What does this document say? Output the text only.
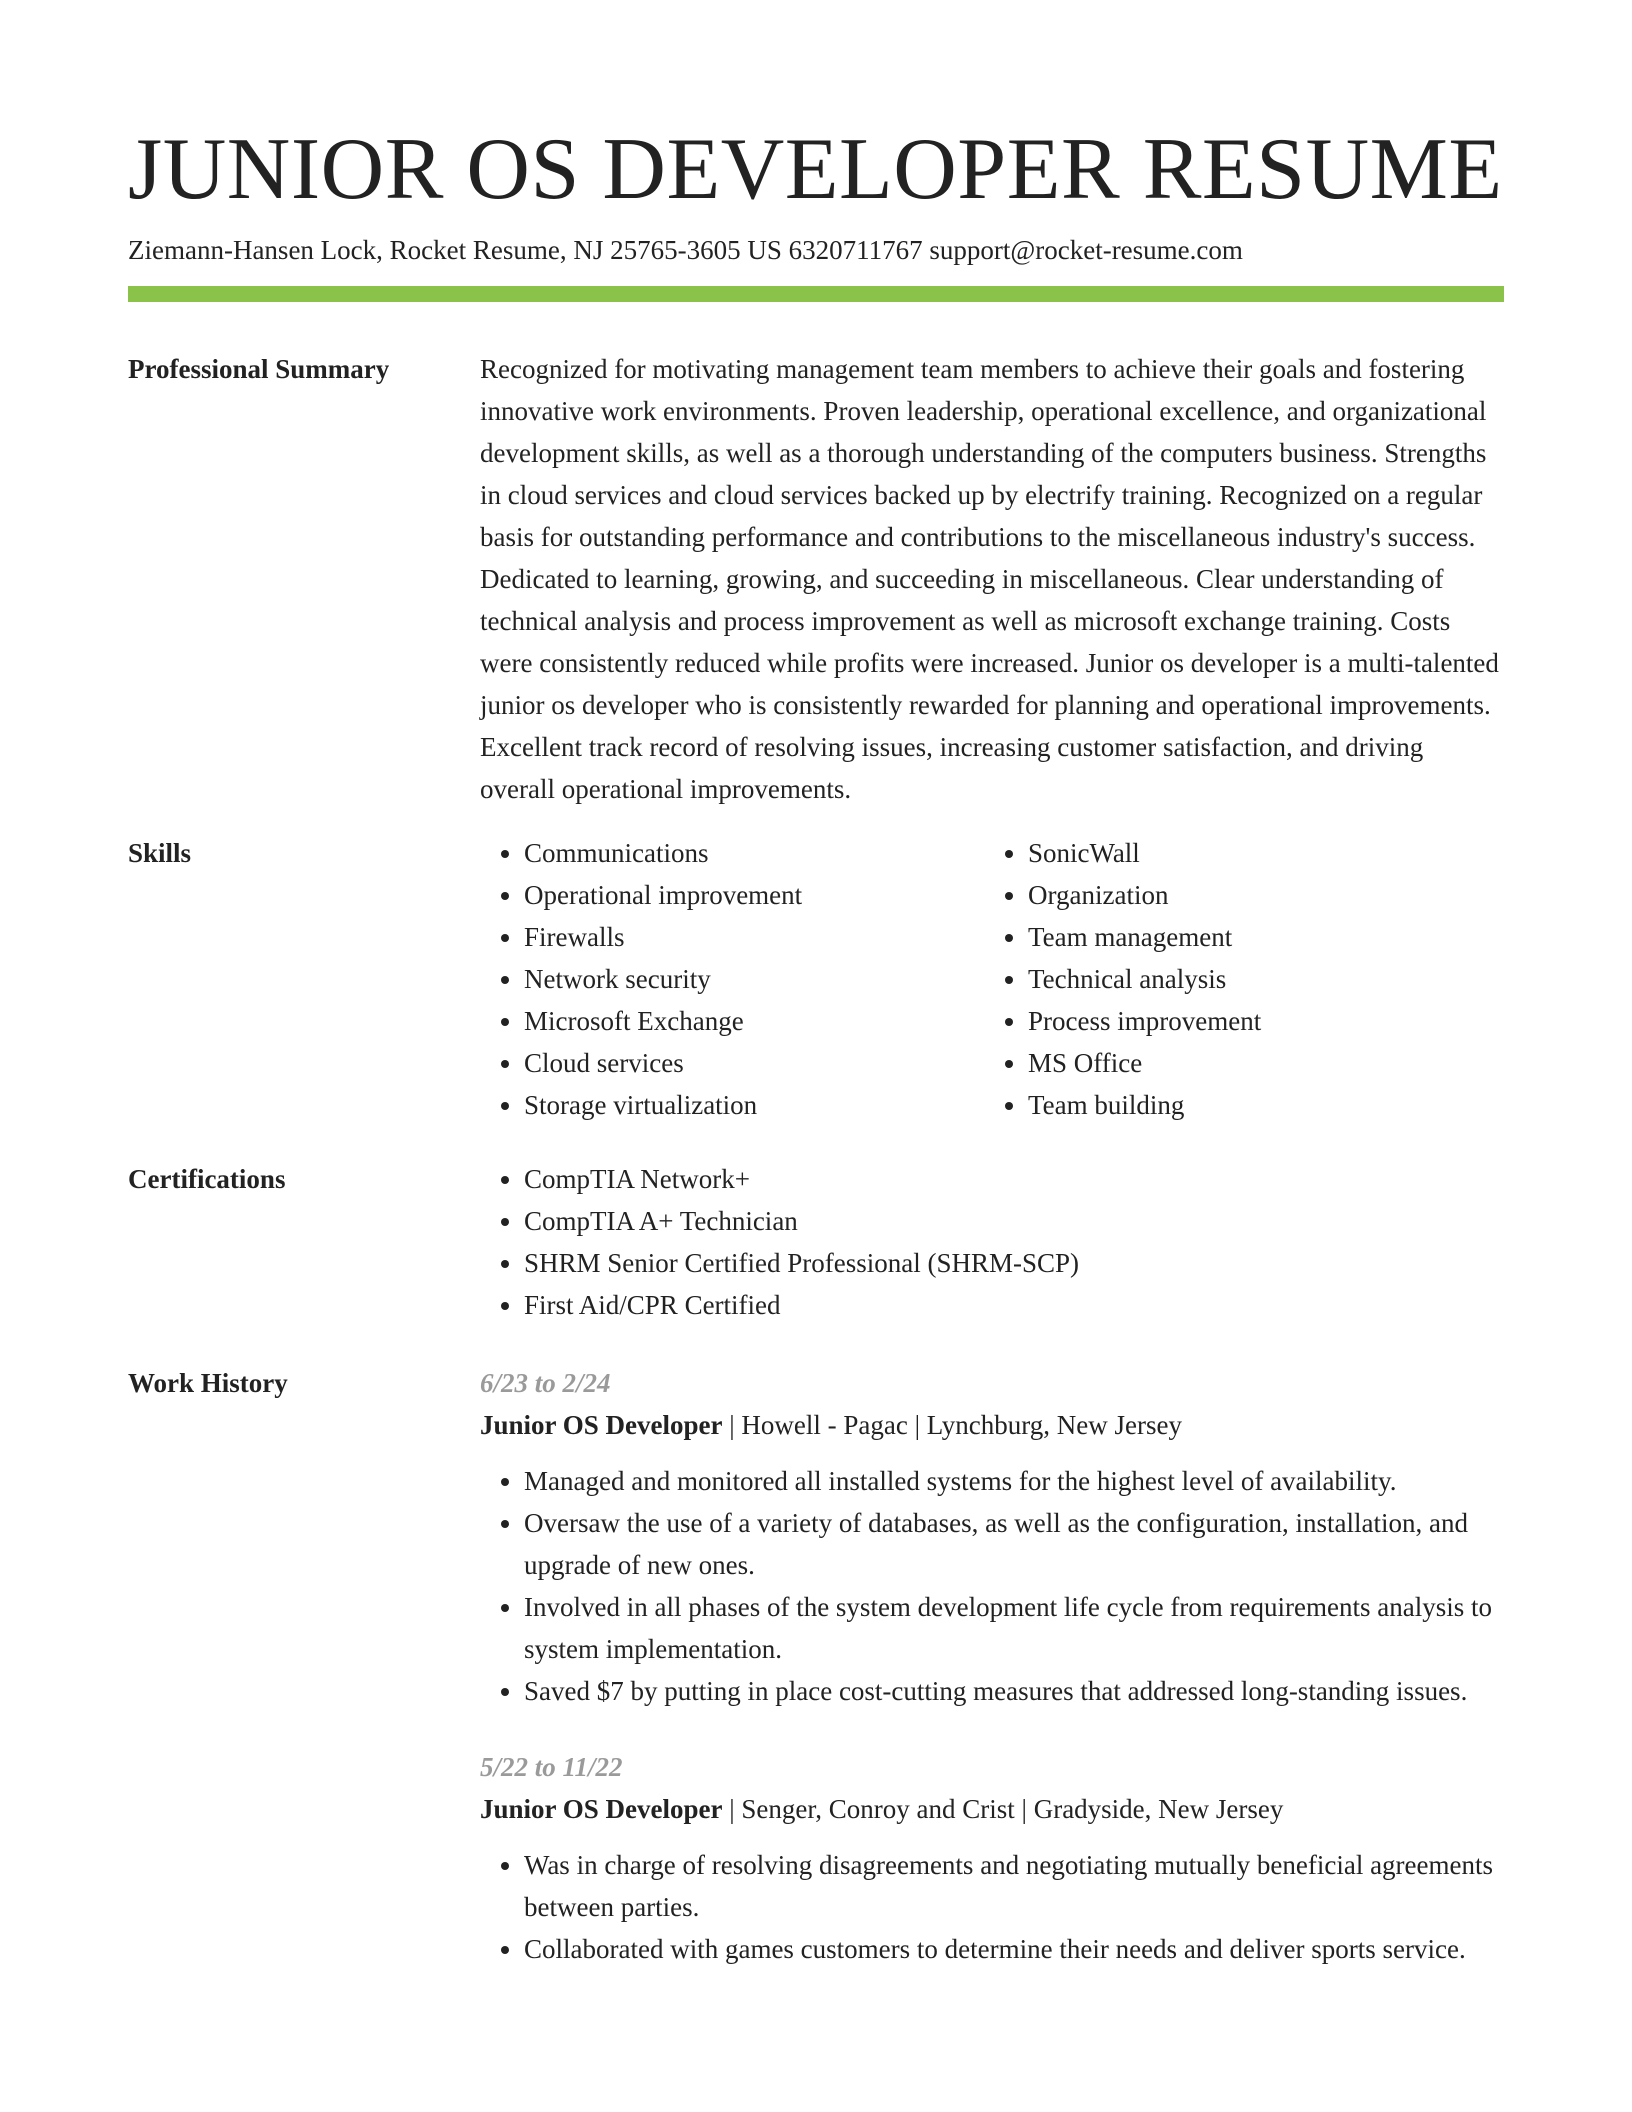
JUNIOR OS DEVELOPER RESUME
Ziemann-Hansen Lock, Rocket Resume, NJ 25765-3605 US 6320711767 support@rocket-resume.com
Professional Summary	Recognized for motivating management team members to achieve their goals and fostering innovative work environments. Proven leadership, operational excellence, and organizational development skills, as well as a thorough understanding of the computers business. Strengths in cloud services and cloud services backed up by electrify training. Recognized on a regular basis for outstanding performance and contributions to the miscellaneous industry's success. Dedicated to learning, growing, and succeeding in miscellaneous. Clear understanding of technical analysis and process improvement as well as microsoft exchange training. Costs were consistently reduced while profits were increased. Junior os developer is a multi-talented junior os developer who is consistently rewarded for planning and operational improvements. Excellent track record of resolving issues, increasing customer satisfaction, and driving overall operational improvements.

Skills	• Communications
• Operational improvement
• Firewalls
• Network security
• Microsoft Exchange
• Cloud services
• Storage virtualization
• SonicWall
• Organization
• Team management
• Technical analysis
• Process improvement
• MS Office
• Team building
Certifications	• CompTIA Network+
• CompTIA A+ Technician
• SHRM Senior Certified Professional (SHRM-SCP)
• First Aid/CPR Certified
Work History	6/23 to 2/24
Junior OS Developer | Howell - Pagac | Lynchburg, New Jersey
• Managed and monitored all installed systems for the highest level of availability.
• Oversaw the use of a variety of databases, as well as the configuration, installation, and upgrade of new ones.
• Involved in all phases of the system development life cycle from requirements analysis to system implementation.
• Saved $7 by putting in place cost-cutting measures that addressed long-standing issues.
5/22 to 11/22
Junior OS Developer | Senger, Conroy and Crist | Gradyside, New Jersey
• Was in charge of resolving disagreements and negotiating mutually beneficial agreements between parties.
• Collaborated with games customers to determine their needs and deliver sports service.
